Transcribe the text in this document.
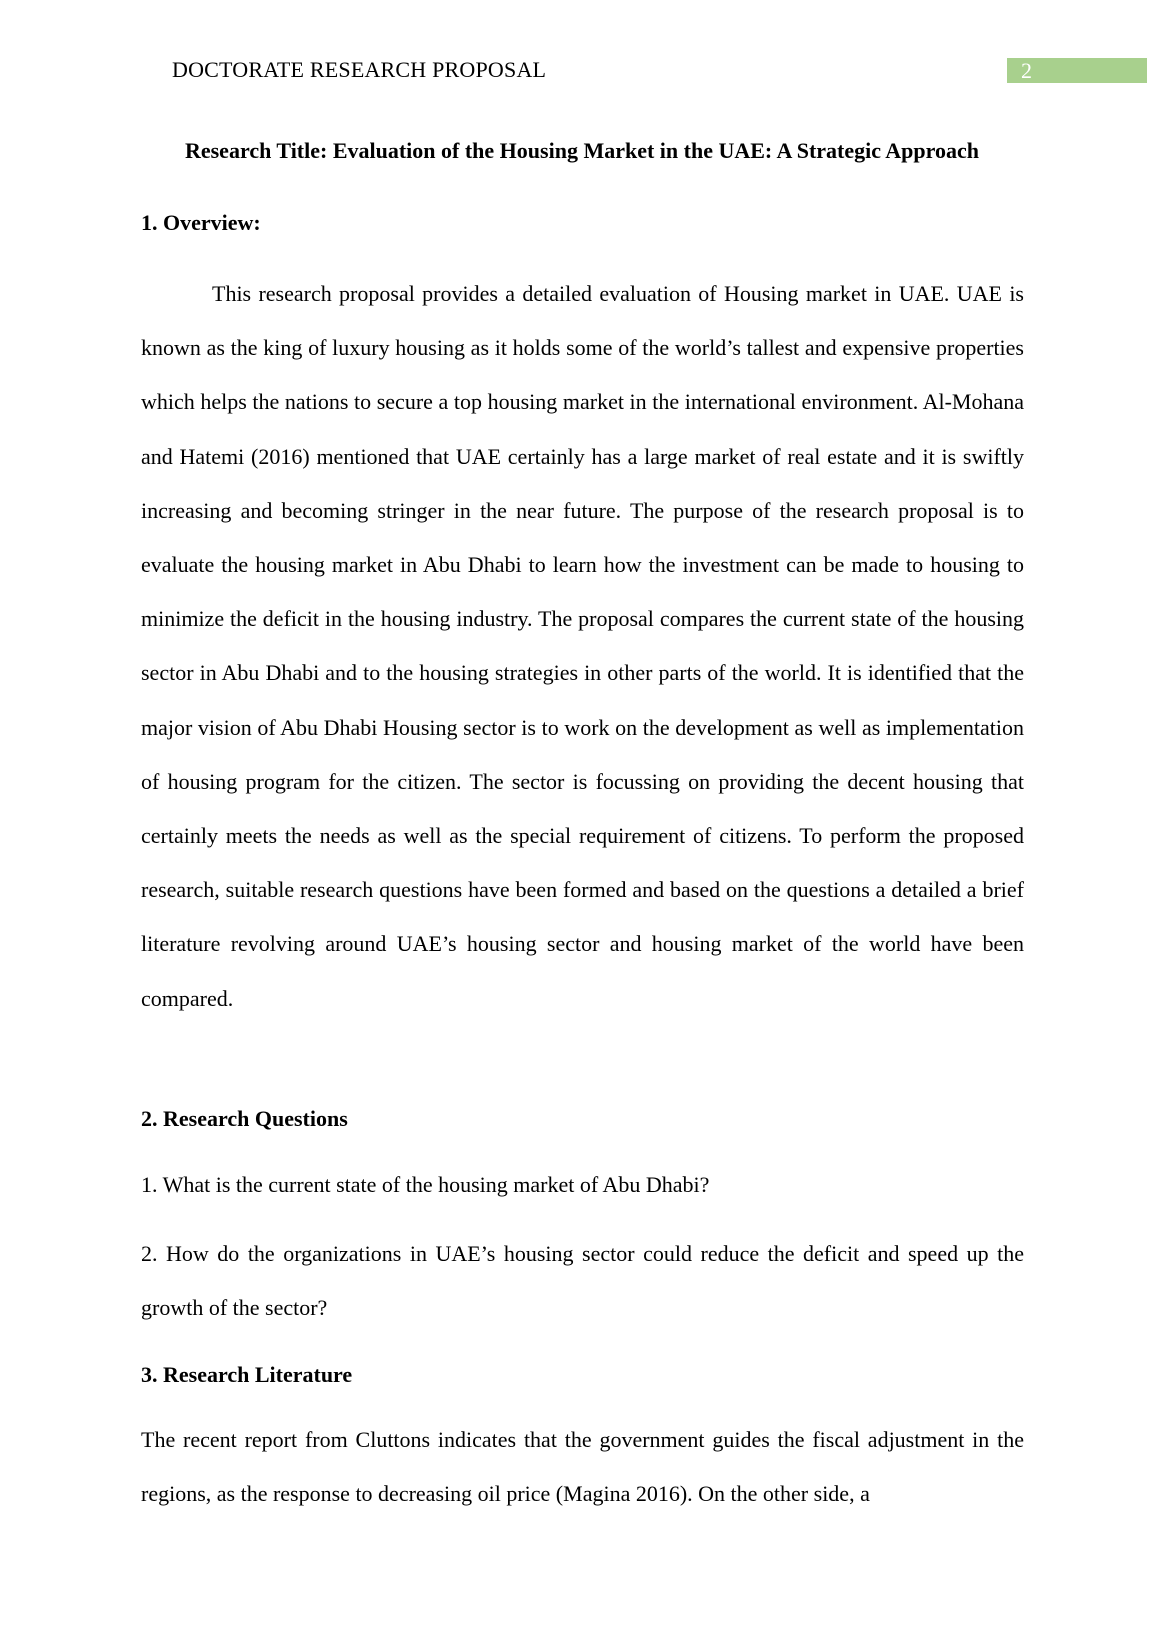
DOCTORATE RESEARCH PROPOSAL	2
Research Title: Evaluation of the Housing Market in the UAE: A Strategic Approach
1. Overview:

This research proposal provides a detailed evaluation of Housing market in UAE. UAE is known as the king of luxury housing as it holds some of the world’s tallest and expensive properties which helps the nations to secure a top housing market in the international environment. Al-Mohana and Hatemi (2016) mentioned that UAE certainly has a large market of real estate and it is swiftly increasing and becoming stringer in the near future. The purpose of the research proposal is to evaluate the housing market in Abu Dhabi to learn how the investment can be made to housing to minimize the deficit in the housing industry. The proposal compares the current state of the housing sector in Abu Dhabi and to the housing strategies in other parts of the world. It is identified that the major vision of Abu Dhabi Housing sector is to work on the development as well as implementation of housing program for the citizen. The sector is focussing on providing the decent housing that certainly meets the needs as well as the special requirement of citizens. To perform the proposed research, suitable research questions have been formed and based on the questions a detailed a brief literature revolving around UAE’s housing sector and housing market of the world have been compared.

2. Research Questions

1. What is the current state of the housing market of Abu Dhabi?

2. How do the organizations in UAE’s housing sector could reduce the deficit and speed up the growth of the sector?

3. Research Literature

The recent report from Cluttons indicates that the government guides the fiscal adjustment in the regions, as the response to decreasing oil price (Magina 2016). On the other side, a
